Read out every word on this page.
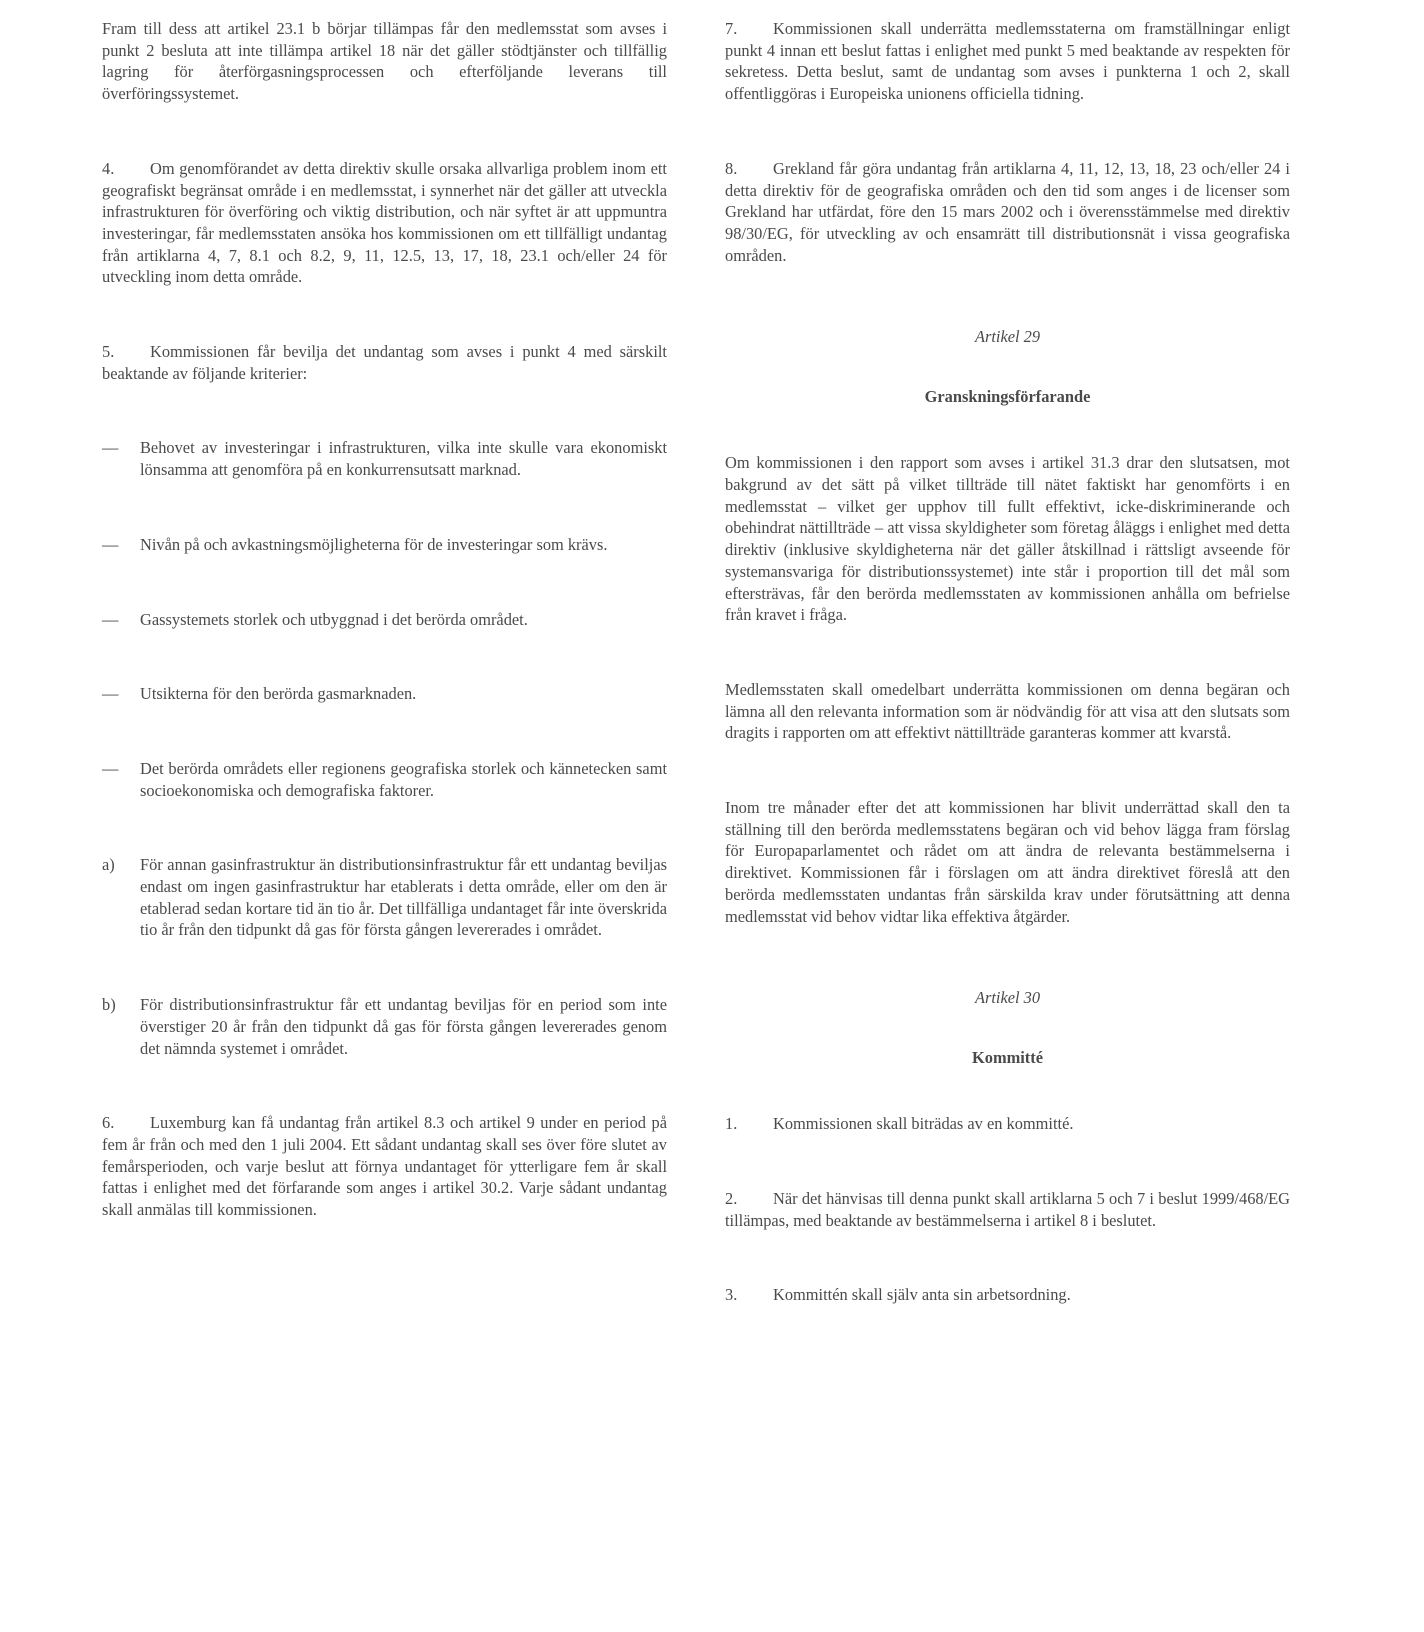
Fram till dess att artikel 23.1 b börjar tillämpas får den medlemsstat som avses i punkt 2 besluta att inte tillämpa artikel 18 när det gäller stödtjänster och tillfällig lagring för återförgasningsprocessen och efterföljande leverans till överföringssystemet.

4. Om genomförandet av detta direktiv skulle orsaka allvarliga problem inom ett geografiskt begränsat område i en medlemsstat, i synnerhet när det gäller att utveckla infrastrukturen för överföring och viktig distribution, och när syftet är att uppmuntra investeringar, får medlemsstaten ansöka hos kommissionen om ett tillfälligt undantag från artiklarna 4, 7, 8.1 och 8.2, 9, 11, 12.5, 13, 17, 18, 23.1 och/eller 24 för utveckling inom detta område.

5. Kommissionen får bevilja det undantag som avses i punkt 4 med särskilt beaktande av följande kriterier:

—	Behovet av investeringar i infrastrukturen, vilka inte skulle vara ekonomiskt lönsamma att genomföra på en konkurrensutsatt marknad.
—	Nivån på och avkastningsmöjligheterna för de investeringar som krävs.
—	Gassystemets storlek och utbyggnad i det berörda området.
—	Utsikterna för den berörda gasmarknaden.
—	Det berörda områdets eller regionens geografiska storlek och kännetecken samt socioekonomiska och demografiska faktorer.
a)	För annan gasinfrastruktur än distributionsinfrastruktur får ett undantag beviljas endast om ingen gasinfrastruktur har etablerats i detta område, eller om den är etablerad sedan kortare tid än tio år. Det tillfälliga undantaget får inte överskrida tio år från den tidpunkt då gas för första gången levererades i området.
b)	För distributionsinfrastruktur får ett undantag beviljas för en period som inte överstiger 20 år från den tidpunkt då gas för första gången levererades genom det nämnda systemet i området.

6. Luxemburg kan få undantag från artikel 8.3 och artikel 9 under en period på fem år från och med den 1 juli 2004. Ett sådant undantag skall ses över före slutet av femårsperioden, och varje beslut att förnya undantaget för ytterligare fem år skall fattas i enlighet med det förfarande som anges i artikel 30.2. Varje sådant undantag skall anmälas till kommissionen.

7. Kommissionen skall underrätta medlemsstaterna om framställningar enligt punkt 4 innan ett beslut fattas i enlighet med punkt 5 med beaktande av respekten för sekretess. Detta beslut, samt de undantag som avses i punkterna 1 och 2, skall offentliggöras i Europeiska unionens officiella tidning.

8. Grekland får göra undantag från artiklarna 4, 11, 12, 13, 18, 23 och/eller 24 i detta direktiv för de geografiska områden och den tid som anges i de licenser som Grekland har utfärdat, före den 15 mars 2002 och i överensstämmelse med direktiv 98/30/EG, för utveckling av och ensamrätt till distributionsnät i vissa geografiska områden.

Artikel 29

Granskningsförfarande

Om kommissionen i den rapport som avses i artikel 31.3 drar den slutsatsen, mot bakgrund av det sätt på vilket tillträde till nätet faktiskt har genomförts i en medlemsstat – vilket ger upphov till fullt effektivt, icke-diskriminerande och obehindrat nättillträde – att vissa skyldigheter som företag åläggs i enlighet med detta direktiv (inklusive skyldigheterna när det gäller åtskillnad i rättsligt avseende för systemansvariga för distributionssystemet) inte står i proportion till det mål som eftersträvas, får den berörda medlemsstaten av kommissionen anhålla om befrielse från kravet i fråga.

Medlemsstaten skall omedelbart underrätta kommissionen om denna begäran och lämna all den relevanta information som är nödvändig för att visa att den slutsats som dragits i rapporten om att effektivt nättillträde garanteras kommer att kvarstå.

Inom tre månader efter det att kommissionen har blivit underrättad skall den ta ställning till den berörda medlemsstatens begäran och vid behov lägga fram förslag för Europaparlamentet och rådet om att ändra de relevanta bestämmelserna i direktivet. Kommissionen får i förslagen om att ändra direktivet föreslå att den berörda medlemsstaten undantas från särskilda krav under förutsättning att denna medlemsstat vid behov vidtar lika effektiva åtgärder.

Artikel 30

Kommitté

1. Kommissionen skall biträdas av en kommitté.

2. När det hänvisas till denna punkt skall artiklarna 5 och 7 i beslut 1999/468/EG tillämpas, med beaktande av bestämmelserna i artikel 8 i beslutet.

3. Kommittén skall själv anta sin arbetsordning.
